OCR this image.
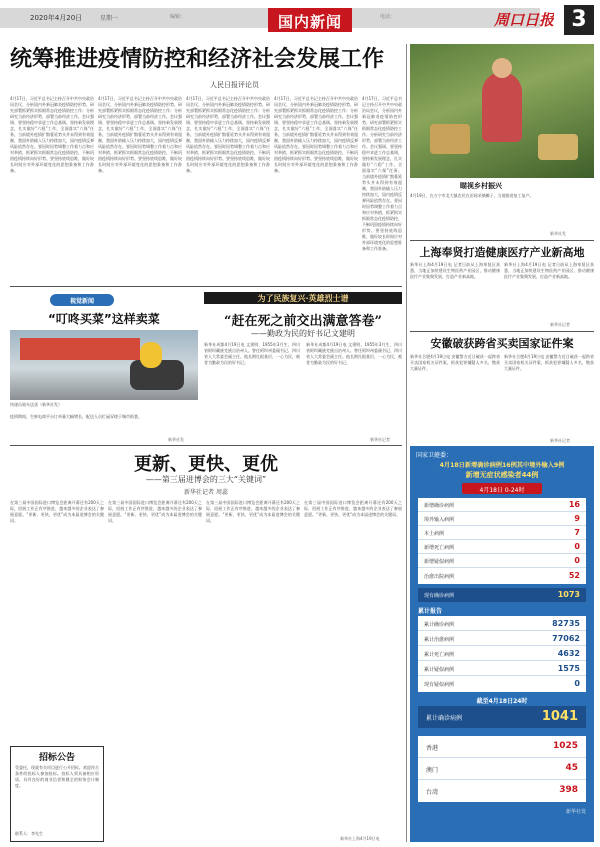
2020年4月20日	星期一	编辑：	国内新闻	电话：	周口日报 3
统筹推进疫情防控和经济社会发展工作
人民日报评论员
4月17日，习近平总书记主持召开中共中央政治局会议，分析国内外新冠肺炎疫情防控形势，研究部署抓紧抓实抓细常态化疫情防控工作；分析研究当前经济形势，部署当前经济工作。会议强调，要坚持稳中求进工作总基调，坚持新发展理念，扎实做好“六稳”工作，全面落实“六保”任务。当前境外疫情扩散蔓延势头并未得到有效遏制，我国外防输入压力持续加大，国内疫情反弹风险依然存在。要因时因势调整工作着力点和应对举措，抓紧抓实抓细常态化疫情防控，不断巩固疫情持续向好形势。要坚持底线思维，做好较长时间应对外部环境变化的思想准备和工作准备。
4月17日，习近平总书记主持召开中共中央政治局会议，分析国内外新冠肺炎疫情防控形势，研究部署抓紧抓实抓细常态化疫情防控工作；分析研究当前经济形势，部署当前经济工作。会议强调，要坚持稳中求进工作总基调，坚持新发展理念，扎实做好“六稳”工作，全面落实“六保”任务。当前境外疫情扩散蔓延势头并未得到有效遏制，我国外防输入压力持续加大，国内疫情反弹风险依然存在。要因时因势调整工作着力点和应对举措，抓紧抓实抓细常态化疫情防控，不断巩固疫情持续向好形势。要坚持底线思维，做好较长时间应对外部环境变化的思想准备和工作准备。
4月17日，习近平总书记主持召开中共中央政治局会议，分析国内外新冠肺炎疫情防控形势，研究部署抓紧抓实抓细常态化疫情防控工作；分析研究当前经济形势，部署当前经济工作。会议强调，要坚持稳中求进工作总基调，坚持新发展理念，扎实做好“六稳”工作，全面落实“六保”任务。当前境外疫情扩散蔓延势头并未得到有效遏制，我国外防输入压力持续加大，国内疫情反弹风险依然存在。要因时因势调整工作着力点和应对举措，抓紧抓实抓细常态化疫情防控，不断巩固疫情持续向好形势。要坚持底线思维，做好较长时间应对外部环境变化的思想准备和工作准备。
4月17日，习近平总书记主持召开中共中央政治局会议，分析国内外新冠肺炎疫情防控形势，研究部署抓紧抓实抓细常态化疫情防控工作；分析研究当前经济形势，部署当前经济工作。会议强调，要坚持稳中求进工作总基调，坚持新发展理念，扎实做好“六稳”工作，全面落实“六保”任务。当前境外疫情扩散蔓延势头并未得到有效遏制，我国外防输入压力持续加大，国内疫情反弹风险依然存在。要因时因势调整工作着力点和应对举措，抓紧抓实抓细常态化疫情防控，不断巩固疫情持续向好形势。要坚持底线思维，做好较长时间应对外部环境变化的思想准备和工作准备。
4月17日，习近平总书记主持召开中共中央政治局会议，分析国内外新冠肺炎疫情防控形势，研究部署抓紧抓实抓细常态化疫情防控工作；分析研究当前经济形势，部署当前经济工作。会议强调，要坚持稳中求进工作总基调，坚持新发展理念，扎实做好“六稳”工作，全面落实“六保”任务。当前境外疫情扩散蔓延势头并未得到有效遏制，我国外防输入压力持续加大，国内疫情反弹风险依然存在。要因时因势调整工作着力点和应对举措，抓紧抓实抓细常态化疫情防控，不断巩固疫情持续向好形势。要坚持底线思维，做好较长时间应对外部环境变化的思想准备和工作准备。
瞄视乡村振兴
4月19日，在万宁市北大镇农民在田间采摘椰子，当地推进复工复产。
新华社发
上海奉贤打造健康医疗产业新高地
新华社上海4月19日电 记者日前从上海奉贤区获悉，当地正加快建设生物医药产业园区，推动健康医疗产业集聚发展，打造产业新高地。
新华社上海4月19日电 记者日前从上海奉贤区获悉，当地正加快建设生物医药产业园区，推动健康医疗产业集聚发展，打造产业新高地。
新华社记者
安徽破获跨省买卖国家证件案
新华社合肥4月19日电 安徽警方近日破获一起跨省买卖国家机关证件案，抓获犯罪嫌疑人多名，缴获大量证件。
新华社合肥4月19日电 安徽警方近日破获一起跨省买卖国家机关证件案，抓获犯罪嫌疑人多名，缴获大量证件。
新华社记者
视觉新闻
“叮咚买菜”这样卖菜
快递员骑车送货（新华社发）
疫情期间，生鲜电商平台订单量大幅增长，配送人员忙碌穿梭于城市街巷。
新华社发
为了民族复兴·英雄烈士谱
“赶在死之前交出满意答卷”
——勤政为民的好书记文建明
新华社成都4月19日电 文建明，1955年3月生，四川省阿坝藏族羌族自治州人。曾任阿坝州委副书记、四川省人大常委会副主任。他长期扎根基层，一心为民，被誉为勤政为民的好书记。
新华社成都4月19日电 文建明，1955年3月生，四川省阿坝藏族羌族自治州人。曾任阿坝州委副书记、四川省人大常委会副主任。他长期扎根基层，一心为民，被誉为勤政为民的好书记。
新华社记者
更新、更快、更优
——第三届进博会的三大“关键词”
新华社记者 周蕊
在第三届中国国际进口博览会距离开幕还有200天之际，招展工作正有序推进，越来越多的企业表达了参展意愿。“更新、更快、更优”成为本届进博会的关键词。
在第三届中国国际进口博览会距离开幕还有200天之际，招展工作正有序推进，越来越多的企业表达了参展意愿。“更新、更快、更优”成为本届进博会的关键词。
在第三届中国国际进口博览会距离开幕还有200天之际，招展工作正有序推进，越来越多的企业表达了参展意愿。“更新、更快、更优”成为本届进博会的关键词。
在第三届中国国际进口博览会距离开幕还有200天之际，招展工作正有序推进，越来越多的企业表达了参展意愿。“更新、更快、更优”成为本届进博会的关键词。
新华社上海4月19日电
招标公告
受委托，现就有关项目进行公开招标，欢迎符合条件的投标人参加投标。投标人须具备相应资质，具有良好的商业信誉和健全的财务会计制度。
联系人：李先生
国家卫健委：
4月18日新增确诊病例16例其中境外输入9例
新增无症状感染者44例
4月18日 0-24时
新增确诊病例	16
境外输入病例	9
本土病例	7
新增死亡病例	0
新增疑似病例	0
治愈出院病例	52
现有确诊病例	1073
累计报告
累计确诊病例	82735
累计治愈病例	77062
累计死亡病例	4632
累计疑似病例	1575
现有疑似病例	0
截至4月18日24时
累计确诊病例	1041
香港	1025
澳门	45
台湾	398
新华社发
